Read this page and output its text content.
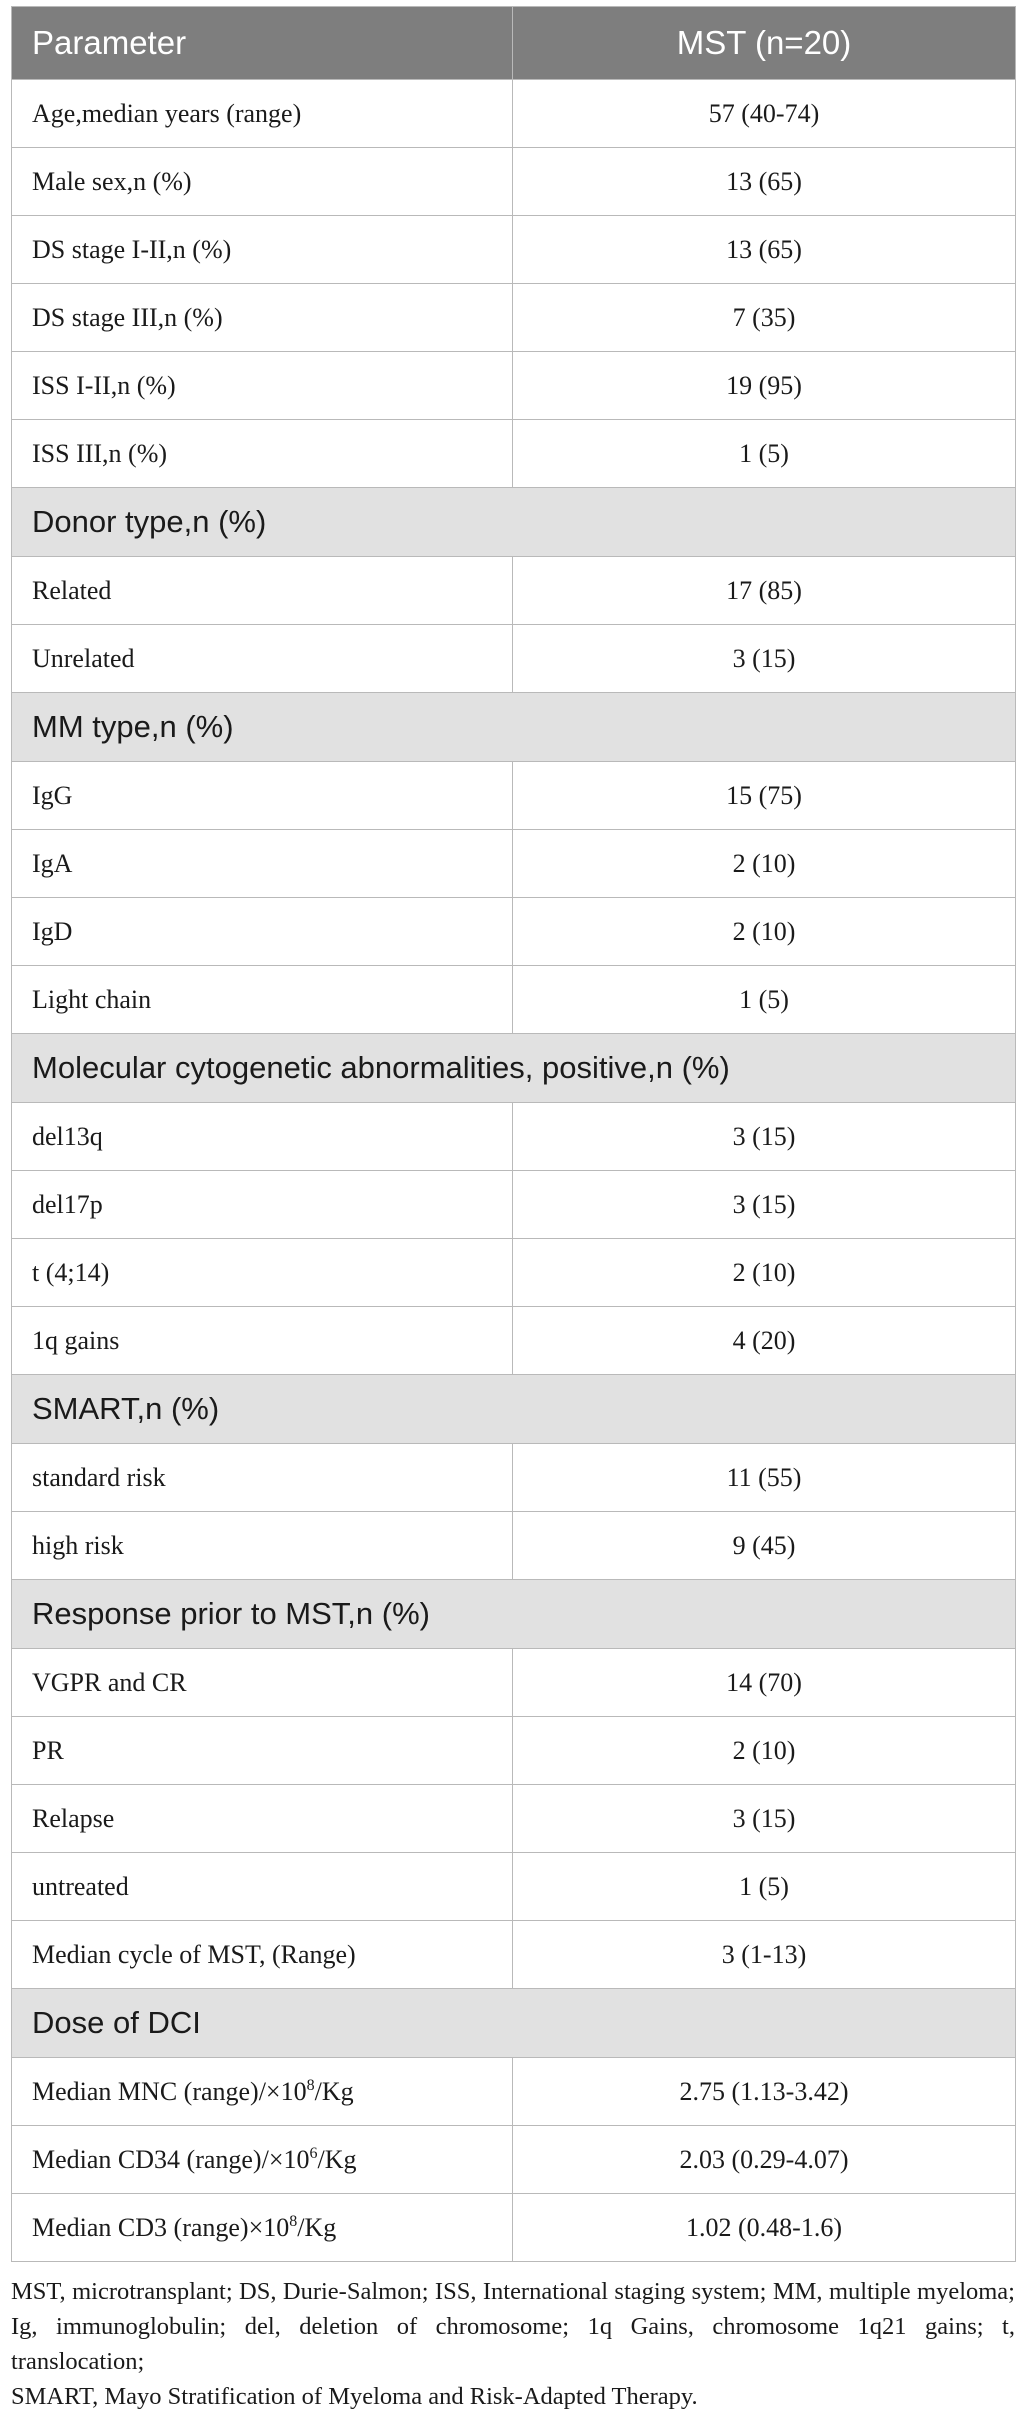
Parameter	MST (n=20)
Age,median years (range)	57 (40-74)
Male sex,n (%)	13 (65)
DS stage I-II,n (%)	13 (65)
DS stage III,n (%)	7 (35)
ISS I-II,n (%)	19 (95)
ISS III,n (%)	1 (5)
Donor type,n (%)	
Related	17 (85)
Unrelated	3 (15)
MM type,n (%)	
IgG	15 (75)
IgA	2 (10)
IgD	2 (10)
Light chain	1 (5)
Molecular cytogenetic abnormalities, positive,n (%)	
del13q	3 (15)
del17p	3 (15)
t (4;14)	2 (10)
1q gains	4 (20)
SMART,n (%)	
standard risk	11 (55)
high risk	9 (45)
Response prior to MST,n (%)	
VGPR and CR	14 (70)
PR	2 (10)
Relapse	3 (15)
untreated	1 (5)
Median cycle of MST, (Range)	3 (1-13)
Dose of DCI	
Median MNC $(range)/\times 10^8/Kg$	2.75 (1.13-3.42)
Median CD34 $(range)/\times 10^6/Kg$	2.03 (0.29-4.07)
Median CD3 $(range)\times 10^8/Kg$	1.02 (0.48-1.6)
MST, microtransplant; DS, Durie-Salmon; ISS, International staging system; MM, multiple myeloma; Ig, immunoglobulin; del, deletion of chromosome; 1q Gains, chromosome 1q21 gains; t, translocation;
SMART, Mayo Stratification of Myeloma and Risk-Adapted Therapy.
